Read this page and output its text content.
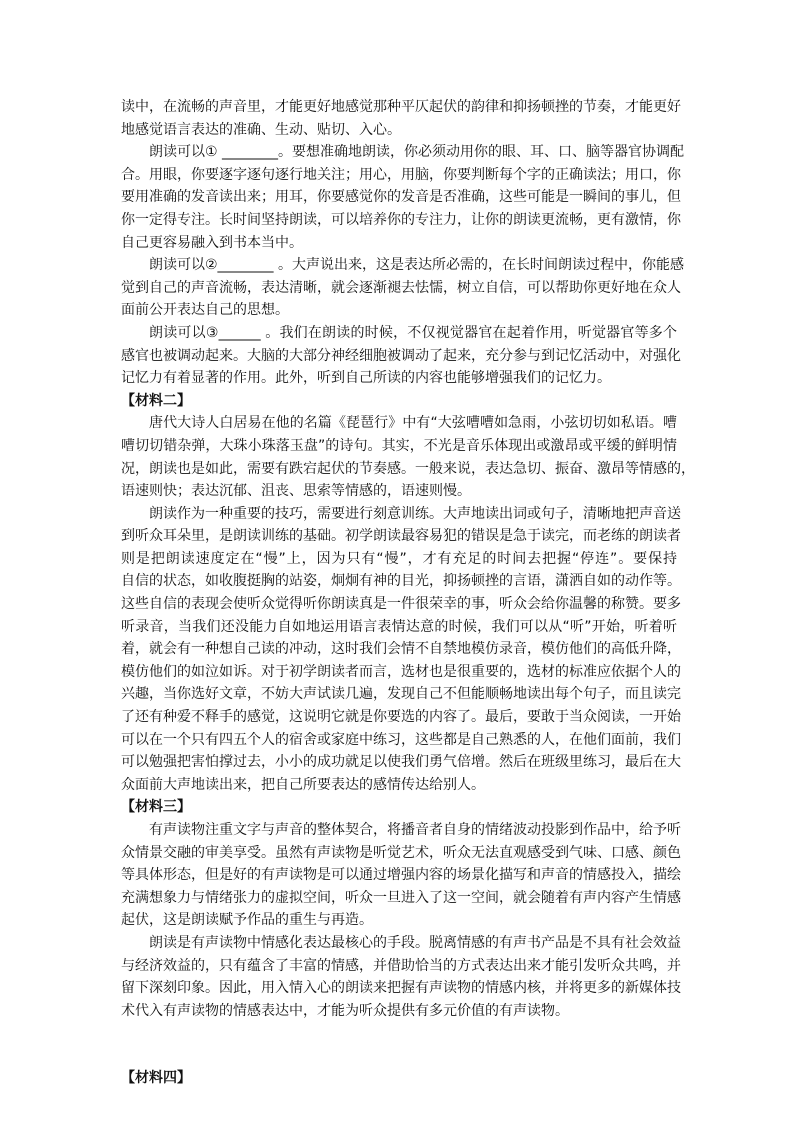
读中，在流畅的声音里，才能更好地感觉那种平仄起伏的韵律和抑扬顿挫的节奏，才能更好
地感觉语言表达的准确、生动、贴切、入心。
朗读可以① ________。要想准确地朗读，你必须动用你的眼、耳、口、脑等器官协调配
合。用眼，你要逐字逐句逐行地关注；用心，用脑，你要判断每个字的正确读法；用口，你
要用准确的发音读出来；用耳，你要感觉你的发音是否准确，这些可能是一瞬间的事儿，但
你一定得专注。长时间坚持朗读，可以培养你的专注力，让你的朗读更流畅，更有激情，你
自己更容易融入到书本当中。
朗读可以②________ 。大声说出来，这是表达所必需的，在长时间朗读过程中，你能感
觉到自己的声音流畅，表达清晰，就会逐渐褪去怯懦，树立自信，可以帮助你更好地在众人
面前公开表达自己的思想。
朗读可以③______ 。我们在朗读的时候，不仅视觉器官在起着作用，听觉器官等多个
感官也被调动起来。大脑的大部分神经细胞被调动了起来，充分参与到记忆活动中，对强化
记忆力有着显著的作用。此外，听到自己所读的内容也能够增强我们的记忆力。
【材料二】
唐代大诗人白居易在他的名篇《琵琶行》中有“大弦嘈嘈如急雨，小弦切切如私语。嘈
嘈切切错杂弹，大珠小珠落玉盘”的诗句。其实，不光是音乐体现出或激昂或平缓的鲜明情
况，朗读也是如此，需要有跌宕起伏的节奏感。一般来说，表达急切、振奋、激昂等情感的，
语速则快；表达沉郁、沮丧、思索等情感的，语速则慢。
朗读作为一种重要的技巧，需要进行刻意训练。大声地读出词或句子，清晰地把声音送
到听众耳朵里，是朗读训练的基础。初学朗读最容易犯的错误是急于读完，而老练的朗读者
则是把朗读速度定在“慢”上，因为只有“慢”，才有充足的时间去把握“停连”。要保持
自信的状态，如收腹挺胸的站姿，炯炯有神的目光，抑扬顿挫的言语，潇洒自如的动作等。
这些自信的表现会使听众觉得听你朗读真是一件很荣幸的事，听众会给你温馨的称赞。要多
听录音，当我们还没能力自如地运用语言表情达意的时候，我们可以从“听”开始，听着听
着，就会有一种想自己读的冲动，这时我们会情不自禁地模仿录音，模仿他们的高低升降，
模仿他们的如泣如诉。对于初学朗读者而言，选材也是很重要的，选材的标准应依据个人的
兴趣，当你选好文章，不妨大声试读几遍，发现自己不但能顺畅地读出每个句子，而且读完
了还有种爱不释手的感觉，这说明它就是你要选的内容了。最后，要敢于当众阅读，一开始
可以在一个只有四五个人的宿舍或家庭中练习，这些都是自己熟悉的人，在他们面前，我们
可以勉强把害怕撑过去，小小的成功就足以使我们勇气倍增。然后在班级里练习，最后在大
众面前大声地读出来，把自己所要表达的感情传达给别人。
【材料三】
有声读物注重文字与声音的整体契合，将播音者自身的情绪波动投影到作品中，给予听
众情景交融的审美享受。虽然有声读物是听觉艺术，听众无法直观感受到气味、口感、颜色
等具体形态，但是好的有声读物是可以通过增强内容的场景化描写和声音的情感投入，描绘
充满想象力与情绪张力的虚拟空间，听众一旦进入了这一空间，就会随着有声内容产生情感
起伏，这是朗读赋予作品的重生与再造。
朗读是有声读物中情感化表达最核心的手段。脱离情感的有声书产品是不具有社会效益
与经济效益的，只有蕴含了丰富的情感，并借助恰当的方式表达出来才能引发听众共鸣，并
留下深刻印象。因此，用入情入心的朗读来把握有声读物的情感内核，并将更多的新媒体技
术代入有声读物的情感表达中，才能为听众提供有多元价值的有声读物。
【材料四】
